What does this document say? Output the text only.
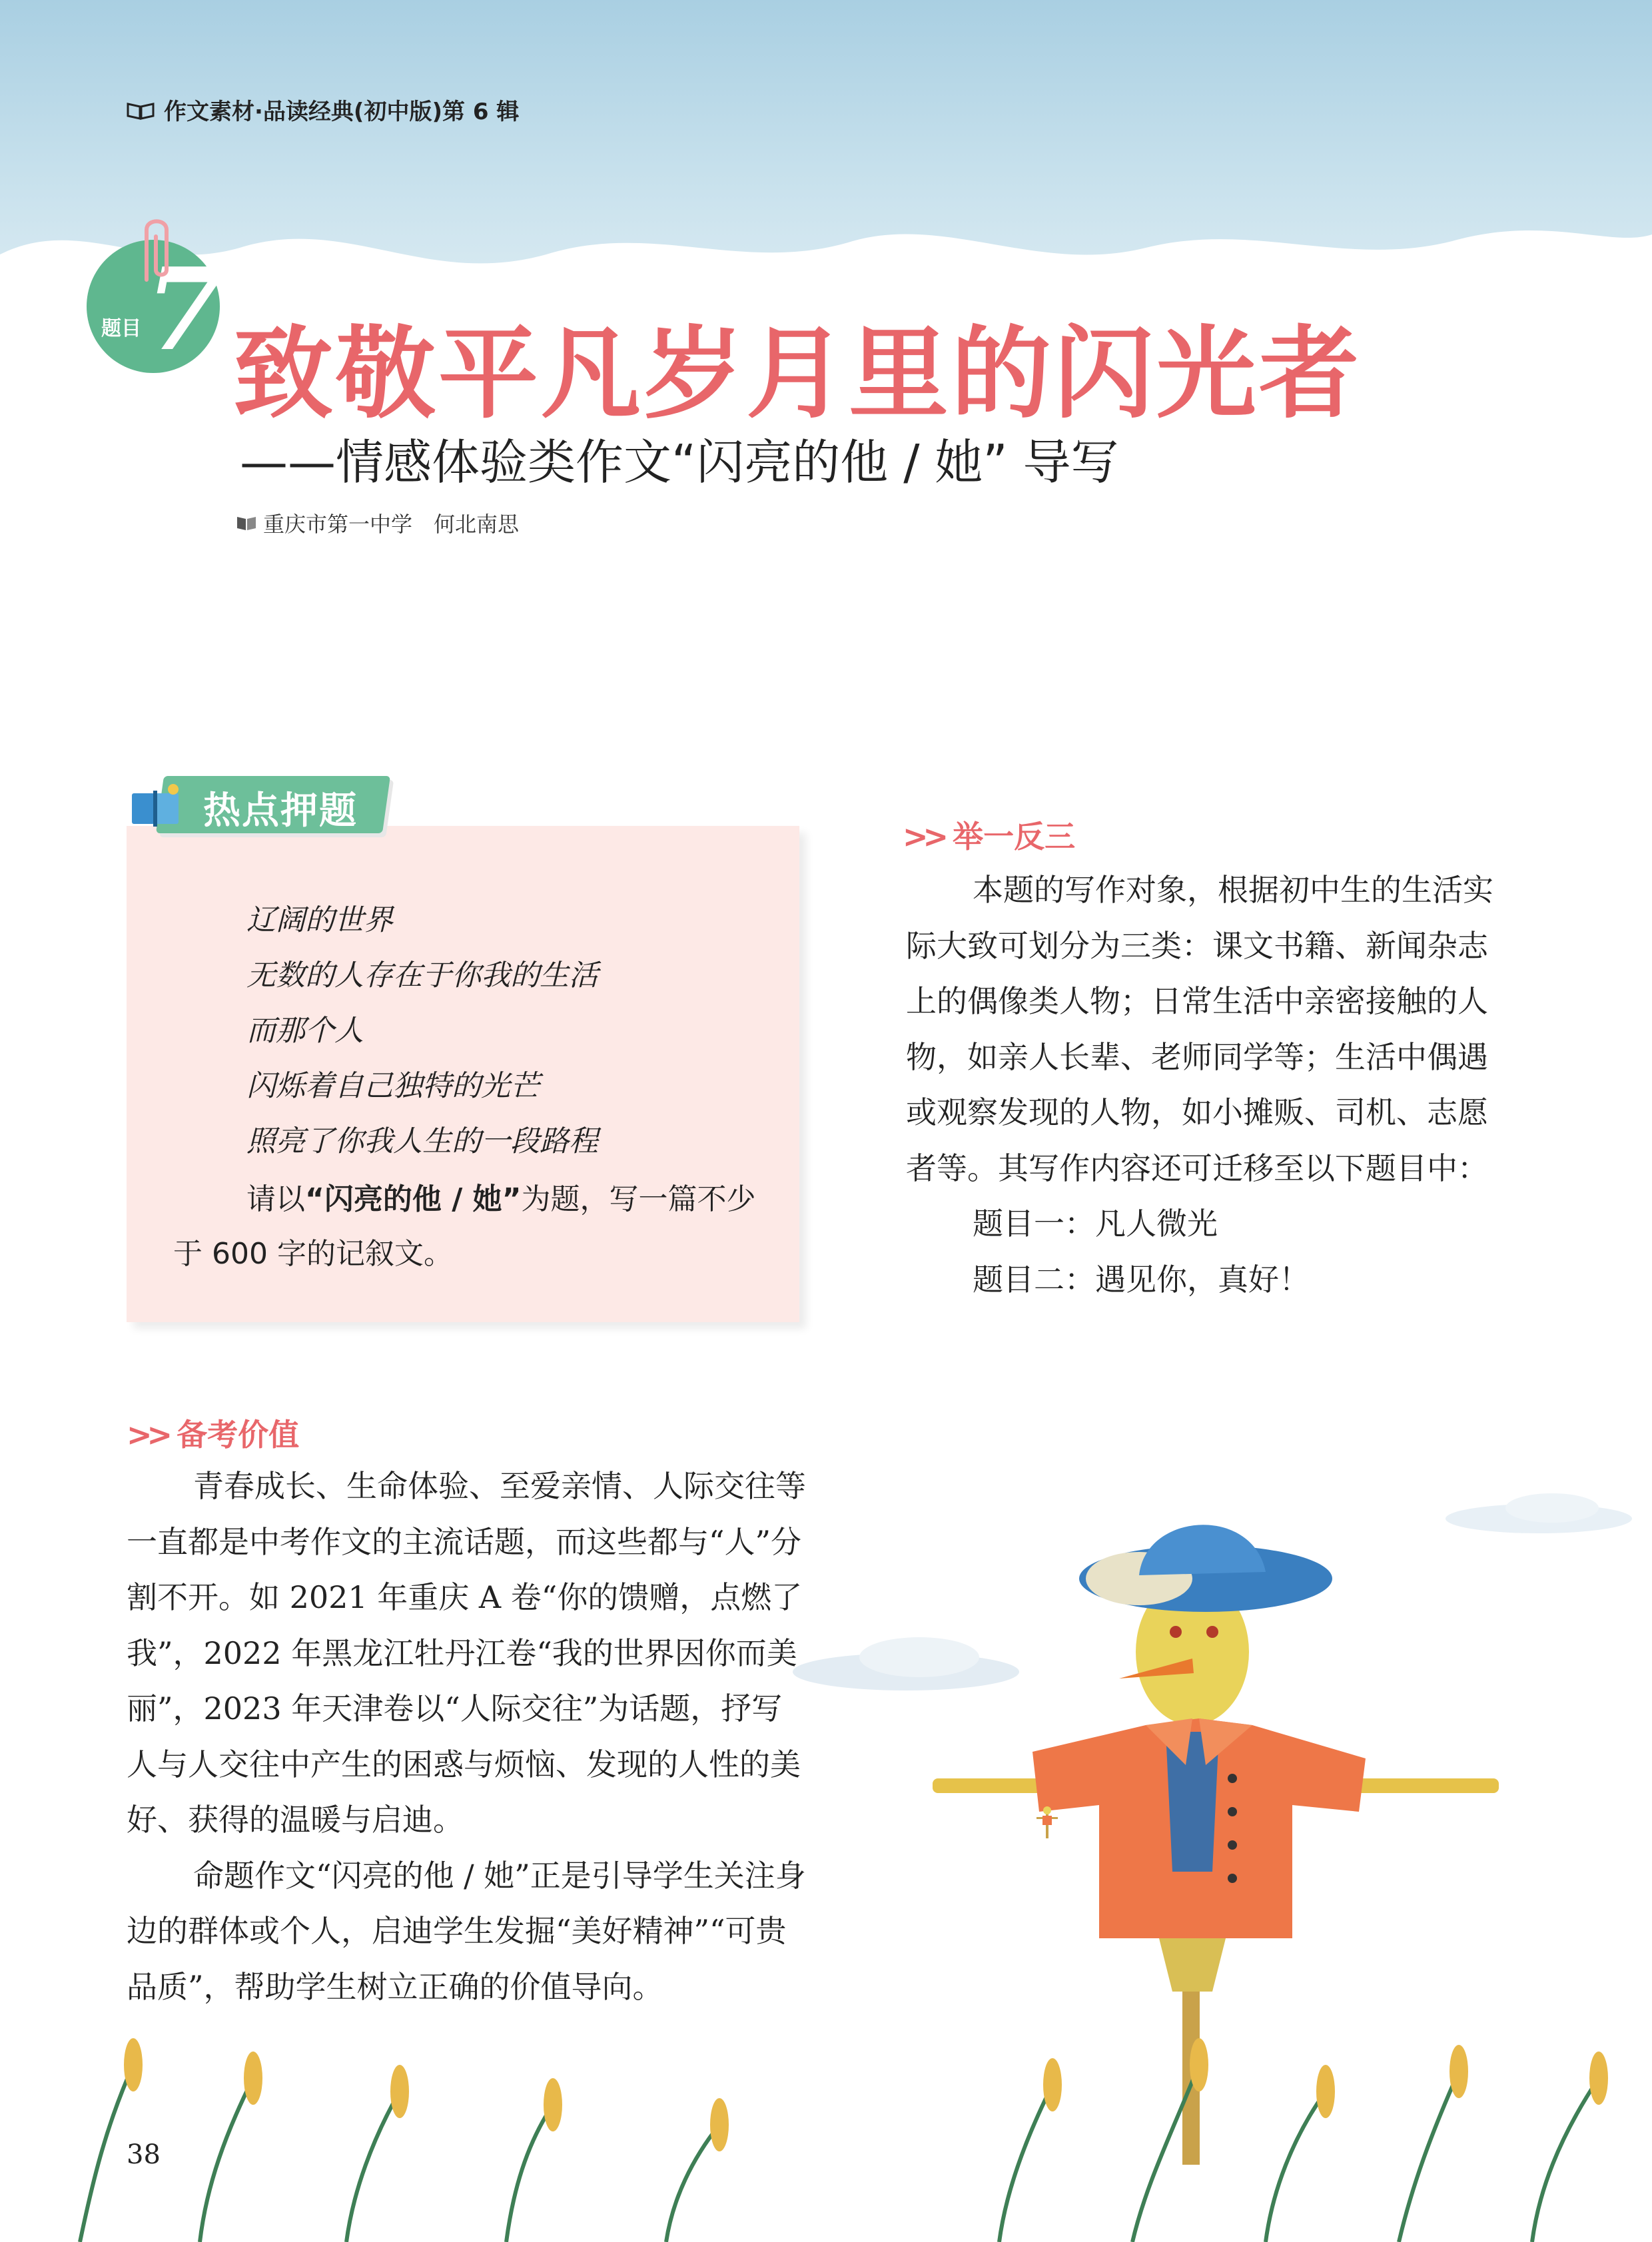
作文素材·品读经典(初中版)第 6 辑
题目 7 致敬平凡岁月里的闪光者
——情感体验类作文“闪亮的他 / 她” 导写
重庆市第一中学　何北南思
热点押题
辽阔的世界
无数的人存在于你我的生活
而那个人
闪烁着自己独特的光芒
照亮了你我人生的一段路程
请以“闪亮的他 / 她”为题，写一篇不少于 600 字的记叙文。
>> 举一反三

本题的写作对象，根据初中生的生活实际大致可划分为三类：课文书籍、新闻杂志上的偶像类人物；日常生活中亲密接触的人物，如亲人长辈、老师同学等；生活中偶遇或观察发现的人物，如小摊贩、司机、志愿者等。其写作内容还可迁移至以下题目中：

题目一：凡人微光

题目二：遇见你，真好！

>> 备考价值

青春成长、生命体验、至爱亲情、人际交往等一直都是中考作文的主流话题，而这些都与“人”分割不开。如 2021 年重庆 A 卷“你的馈赠，点燃了我”，2022 年黑龙江牡丹江卷“我的世界因你而美丽”，2023 年天津卷以“人际交往”为话题，抒写人与人交往中产生的困惑与烦恼、发现的人性的美好、获得的温暖与启迪。

命题作文“闪亮的他 / 她”正是引导学生关注身边的群体或个人，启迪学生发掘“美好精神”“可贵品质”，帮助学生树立正确的价值导向。

38
